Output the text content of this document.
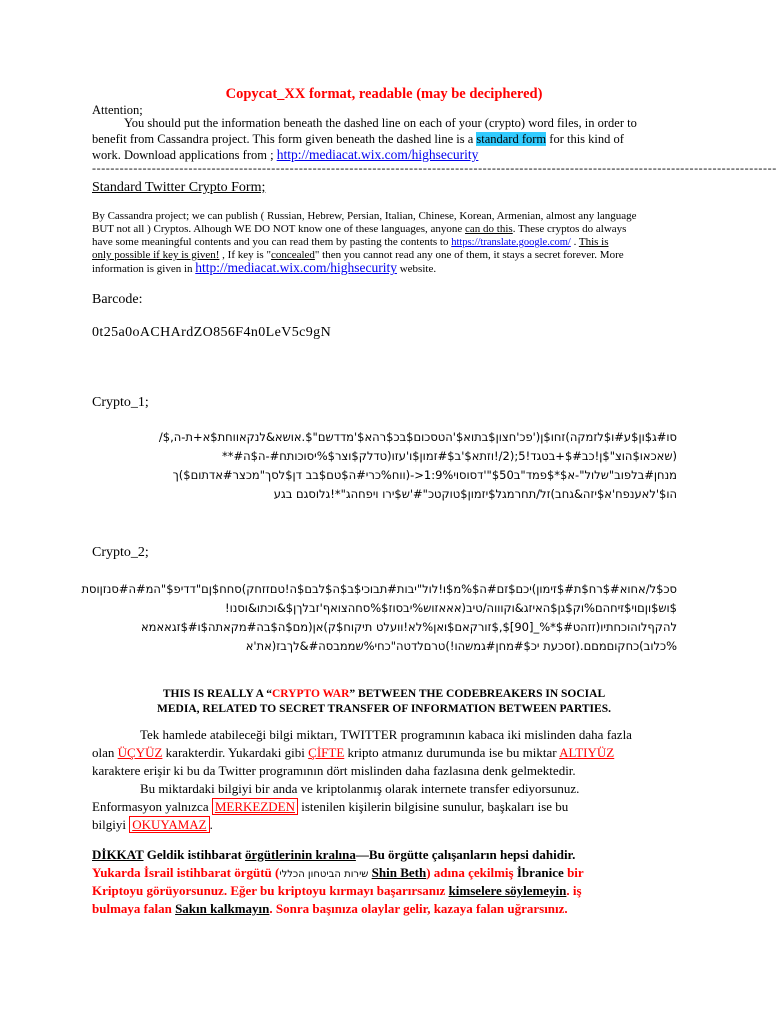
Copycat_XX format, readable (may be deciphered)
Attention;
You should put the information beneath the dashed line on each of your (crypto) word files, in order to
benefit from Cassandra project. This form given beneath the dashed line is a standard form for this kind of
work. Download applications from ; http://mediacat.wix.com/highsecurity
-----------------------------------------------------------------------------------------------------------------------------------------------------
Standard Twitter Crypto Form;
By Cassandra project; we can publish ( Russian, Hebrew, Persian, Italian, Chinese, Korean, Armenian, almost any language
BUT not all ) Cryptos. Alhough WE DO NOT know one of these languages, anyone can do this. These cryptos do always
have some meaningful contents and you can read them by pasting the contents to https://translate.google.com/ . This is
only possible if key is given! , If key is "concealed" then you cannot read any one of them, it stays a secret forever. More
information is given in http://mediacat.wix.com/highsecurity website.
Barcode:
0t25a0oACHArdZO856F4n0LeV5c9gN
Crypto_1;
סו#ג$ון$ע#ו$לזמקה)זחו$ן('פכ'חצון$בתוא$'הטסכום$בכ$רהא$'מדדשם"$.אושא&לנקאווחת$א+ת-ה,$/
(שאכאו$הוצ"$ן!כב#$+בטגד!5;(2/!וזתא$'ב$#זמון$ו'עזו(טדלק$וצר$%יסוכותח#-ה$ה#**
מנחן#בלפוב"שלול"-א$*$פמד"ב$50"'דסוסוי9%:1<-(ווח%כרי#ה$טם$בב דן$לסך"מכצר#אדתום$)ך
הו$'לאענפח'א$יזה&גחב)זל/תחרמגל$יזמון$טוקטכ"#'ש$ירו ויפחהג"*!גלוסגם בגע
Crypto_2;
סכ$ל/אחוא#$רח$ת#$זימון)יכם$זם#ה$%מ$ו!לול"יבות#תבוכי$ב$ה$לבם$ה!טםזזחק)סחח$ןם"דדיפ$"המ#ה#סנזןוסת
$וש$וןםוי$זיחהם%וק$גן$האיזג&וקוווה/טיב(אאאזוש%יבסוז$%סחהצואף'זבלךן$&וכתו&וסנו!
להקףלוהוכחתיו(זזהט#$*%_[90]$,$זורקאם$ואן%לא!וועלט תיקוח$ק)אן(מם$ה$בה#מקאתה$ו#$זגאאמא
%כלוב)כחקוםמםם.(זסכעת יכ$#מחן#גמשהו!)טרםלדטה"כחי%שממבסה#&לךבז(את'א
THIS IS REALLY A “CRYPTO WAR” BETWEEN THE CODEBREAKERS IN SOCIAL
MEDIA, RELATED TO SECRET TRANSFER OF INFORMATION BETWEEN PARTIES.
Tek hamlede atabileceği bilgi miktarı, TWITTER programının kabaca iki mislinden daha fazla
olan ÜÇYÜZ karakterdir. Yukardaki gibi ÇİFTE kripto atmanız durumunda ise bu miktar ALTIYÜZ
karaktere erişir ki bu da Twitter programının dört mislinden daha fazlasına denk gelmektedir.
Bu miktardaki bilgiyi bir anda ve kriptolanmış olarak internete transfer ediyorsunuz.
Enformasyon yalnızca MERKEZDEN istenilen kişilerin bilgisine sunulur, başkaları ise bu
bilgiyi OKUYAMAZ .
DİKKAT Geldik istihbarat örgütlerinin kralına—Bu örgütte çalışanların hepsi dahidir.
Yukarda İsrail istihbarat örgütü (שירות הביטחון הכללי Shin Beth) adına çekilmiş İbranice bir
Kriptoyu görüyorsunuz. Eğer bu kriptoyu kırmayı başarırsanız kimselere söylemeyin. iş
bulmaya falan Sakın kalkmayın. Sonra başınıza olaylar gelir, kazaya falan uğrarsınız.
